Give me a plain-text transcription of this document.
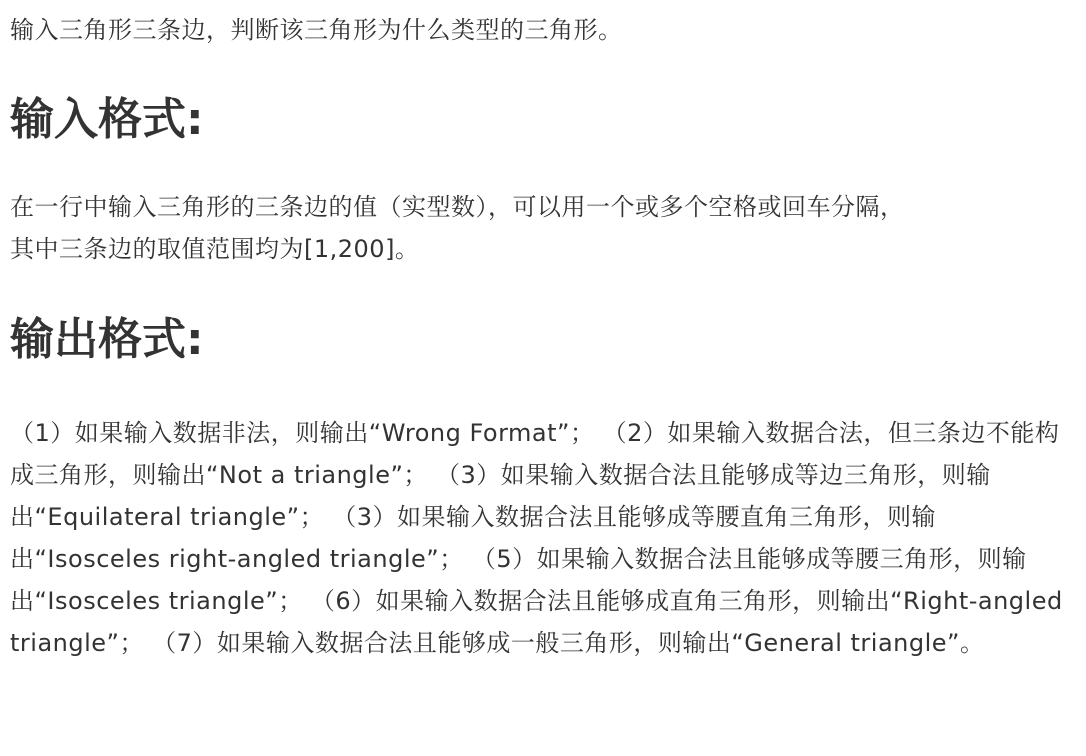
输入三角形三条边，判断该三角形为什么类型的三角形。

输入格式:

在一行中输入三角形的三条边的值（实型数），可以用一个或多个空格或回车分隔，
其中三条边的取值范围均为[1,200]。

输出格式:

（1）如果输入数据非法，则输出“Wrong Format”； （2）如果输入数据合法，但三条边不能构成三角形，则输出“Not a triangle”； （3）如果输入数据合法且能够成等边三角形，则输出“Equilateral triangle”； （3）如果输入数据合法且能够成等腰直角三角形，则输出“Isosceles right-angled triangle”； （5）如果输入数据合法且能够成等腰三角形，则输出“Isosceles triangle”； （6）如果输入数据合法且能够成直角三角形，则输出“Right-angled triangle”； （7）如果输入数据合法且能够成一般三角形，则输出“General triangle”。
